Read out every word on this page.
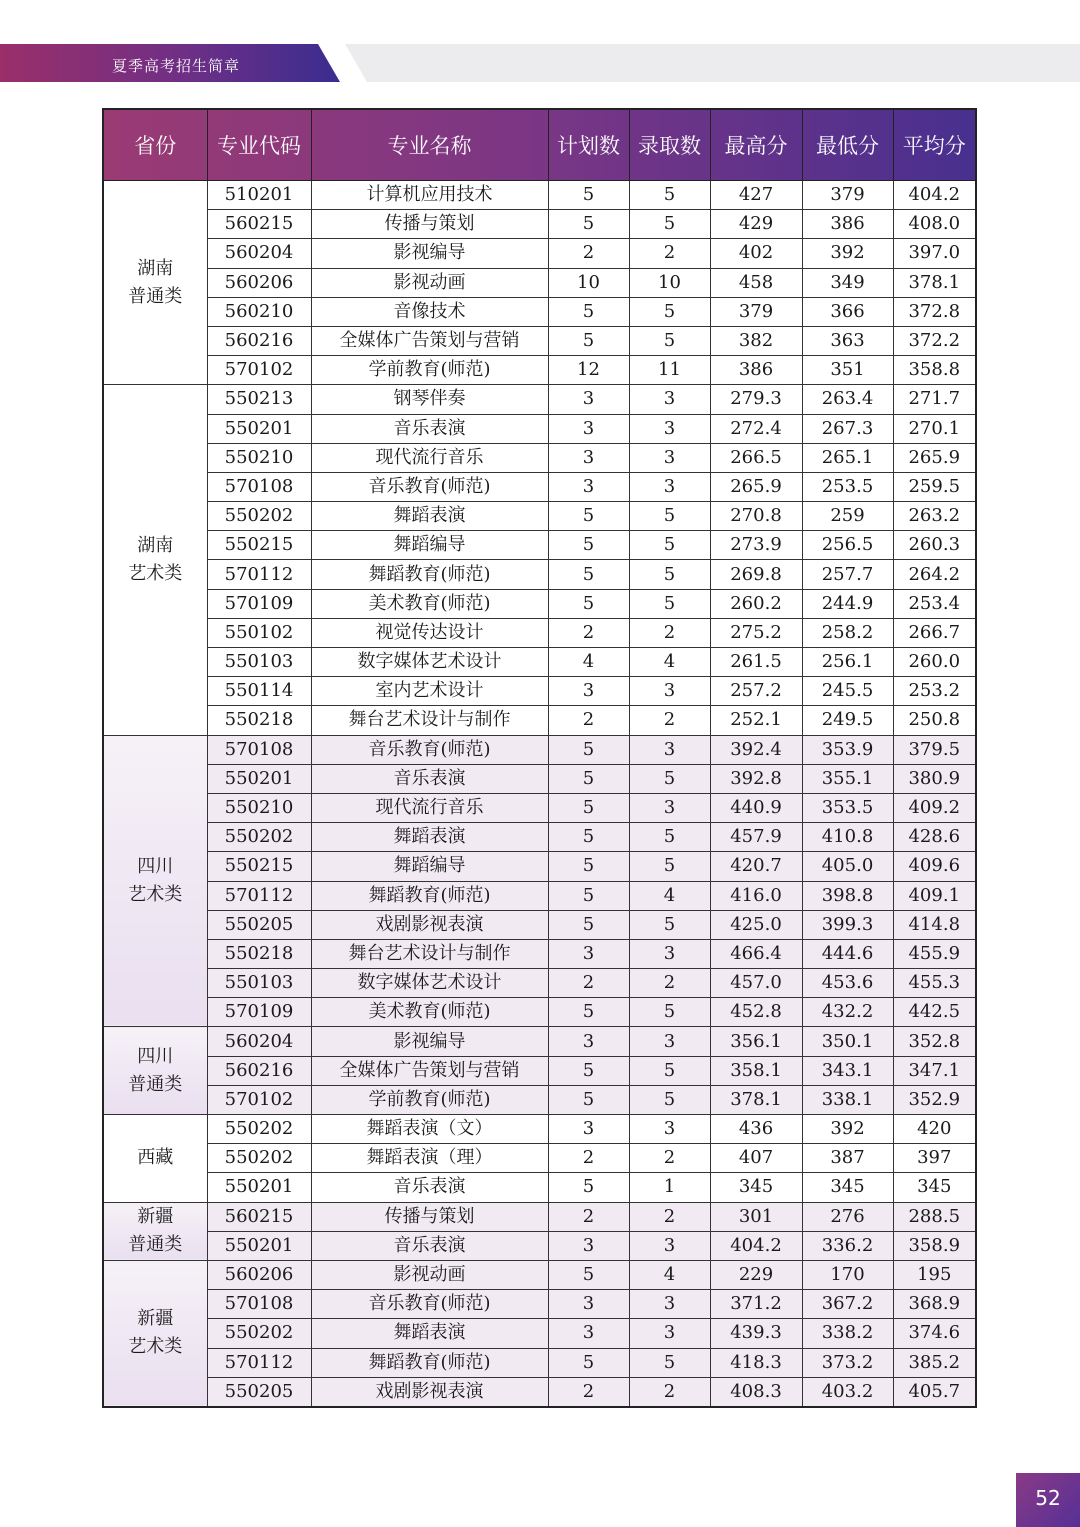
夏季高考招生简章
省份	专业代码	专业名称	计划数	录取数	最高分	最低分	平均分
湖南
普通类	510201	计算机应用技术	5	5	427	379	404.2
	560215	传播与策划	5	5	429	386	408.0
	560204	影视编导	2	2	402	392	397.0
	560206	影视动画	10	10	458	349	378.1
	560210	音像技术	5	5	379	366	372.8
	560216	全媒体广告策划与营销	5	5	382	363	372.2
	570102	学前教育(师范)	12	11	386	351	358.8
湖南
艺术类	550213	钢琴伴奏	3	3	279.3	263.4	271.7
	550201	音乐表演	3	3	272.4	267.3	270.1
	550210	现代流行音乐	3	3	266.5	265.1	265.9
	570108	音乐教育(师范)	3	3	265.9	253.5	259.5
	550202	舞蹈表演	5	5	270.8	259	263.2
	550215	舞蹈编导	5	5	273.9	256.5	260.3
	570112	舞蹈教育(师范)	5	5	269.8	257.7	264.2
	570109	美术教育(师范)	5	5	260.2	244.9	253.4
	550102	视觉传达设计	2	2	275.2	258.2	266.7
	550103	数字媒体艺术设计	4	4	261.5	256.1	260.0
	550114	室内艺术设计	3	3	257.2	245.5	253.2
	550218	舞台艺术设计与制作	2	2	252.1	249.5	250.8
四川
艺术类	570108	音乐教育(师范)	5	3	392.4	353.9	379.5
	550201	音乐表演	5	5	392.8	355.1	380.9
	550210	现代流行音乐	5	3	440.9	353.5	409.2
	550202	舞蹈表演	5	5	457.9	410.8	428.6
	550215	舞蹈编导	5	5	420.7	405.0	409.6
	570112	舞蹈教育(师范)	5	4	416.0	398.8	409.1
	550205	戏剧影视表演	5	5	425.0	399.3	414.8
	550218	舞台艺术设计与制作	3	3	466.4	444.6	455.9
	550103	数字媒体艺术设计	2	2	457.0	453.6	455.3
	570109	美术教育(师范)	5	5	452.8	432.2	442.5
四川
普通类	560204	影视编导	3	3	356.1	350.1	352.8
	560216	全媒体广告策划与营销	5	5	358.1	343.1	347.1
	570102	学前教育(师范)	5	5	378.1	338.1	352.9
西藏	550202	舞蹈表演（文）	3	3	436	392	420
	550202	舞蹈表演（理）	2	2	407	387	397
	550201	音乐表演	5	1	345	345	345
新疆
普通类	560215	传播与策划	2	2	301	276	288.5
	550201	音乐表演	3	3	404.2	336.2	358.9
新疆
艺术类	560206	影视动画	5	4	229	170	195
	570108	音乐教育(师范)	3	3	371.2	367.2	368.9
	550202	舞蹈表演	3	3	439.3	338.2	374.6
	570112	舞蹈教育(师范)	5	5	418.3	373.2	385.2
	550205	戏剧影视表演	2	2	408.3	403.2	405.7
52
